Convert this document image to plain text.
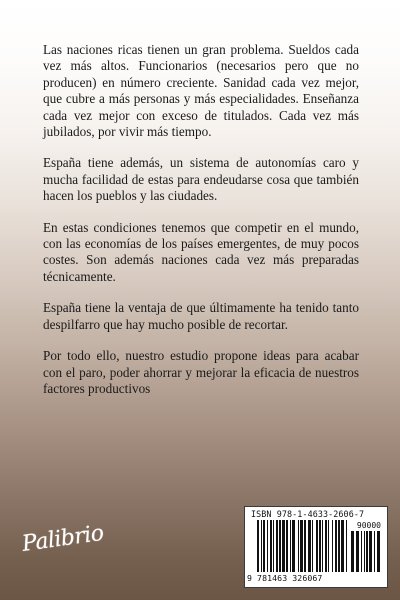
Las naciones ricas tienen un gran problema. Sueldos cada vez más altos. Funcionarios (necesarios pero que no producen) en número creciente. Sanidad cada vez mejor, que cubre a más personas y más especialidades. Enseñanza cada vez mejor con exceso de titulados. Cada vez más jubilados, por vivir más tiempo.

España tiene además, un sistema de autonomías caro y mucha facilidad de estas para endeudarse cosa que también hacen los pueblos y las ciudades.

En estas condiciones tenemos que competir en el mundo, con las economías de los países emergentes, de muy pocos costes. Son además naciones cada vez más preparadas técnicamente.

España tiene la ventaja de que últimamente ha tenido tanto despilfarro que hay mucho posible de recortar.

Por todo ello, nuestro estudio propone ideas para acabar con el paro, poder ahorrar y mejorar la eficacia de nuestros factores productivos

Palibrio
ISBN 978-1-4633-2606-7
90000
9 781463 326067
